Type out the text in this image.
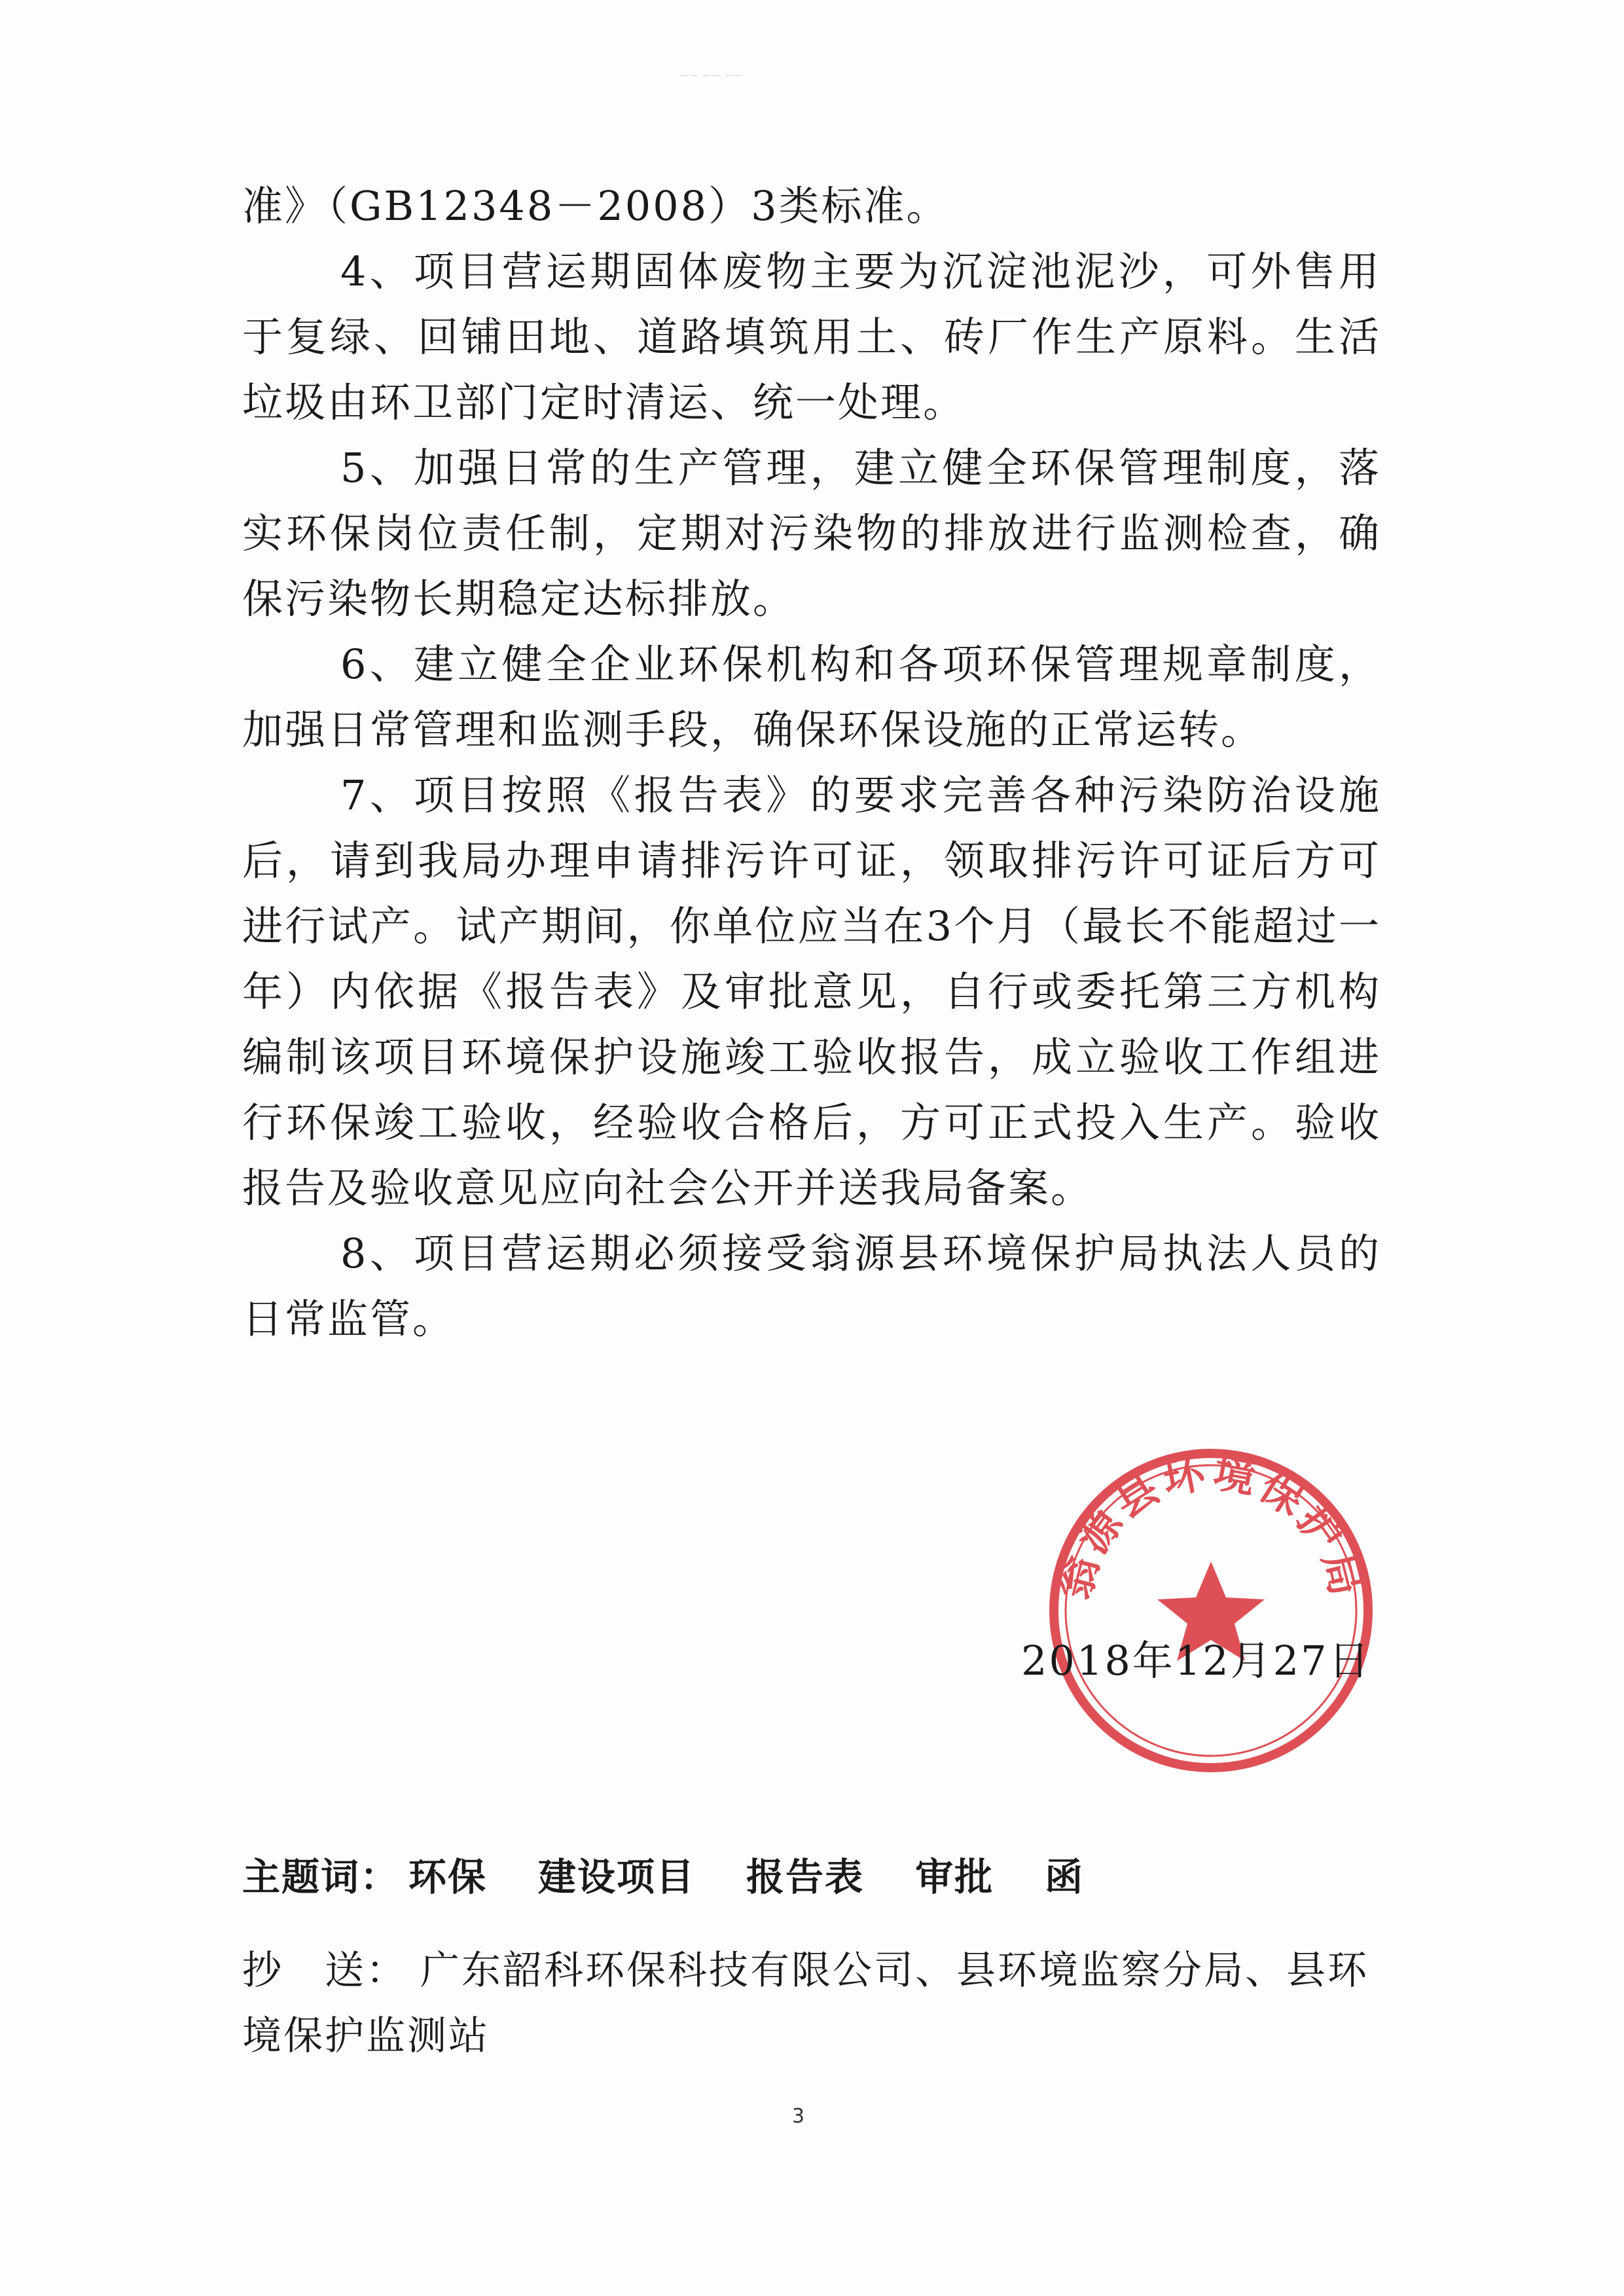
—— —— ——

准》（GB12348－2008）3类标准。

4、项目营运期固体废物主要为沉淀池泥沙，可外售用于复绿、回铺田地、道路填筑用土、砖厂作生产原料。生活垃圾由环卫部门定时清运、统一处理。

5、加强日常的生产管理，建立健全环保管理制度，落实环保岗位责任制，定期对污染物的排放进行监测检查，确保污染物长期稳定达标排放。

6、建立健全企业环保机构和各项环保管理规章制度，加强日常管理和监测手段，确保环保设施的正常运转。

7、项目按照《报告表》的要求完善各种污染防治设施后，请到我局办理申请排污许可证，领取排污许可证后方可进行试产。试产期间，你单位应当在3个月（最长不能超过一年）内依据《报告表》及审批意见，自行或委托第三方机构编制该项目环境保护设施竣工验收报告，成立验收工作组进行环保竣工验收，经验收合格后，方可正式投入生产。验收报告及验收意见应向社会公开并送我局备案。

8、项目营运期必须接受翁源县环境保护局执法人员的日常监管。

翁源县环境保护局
2018年12月27日
主题词： 环保 建设项目 报告表 审批 函
抄　送： 广东韶科环保科技有限公司、县环境监察分局、县环境保护监测站
3
